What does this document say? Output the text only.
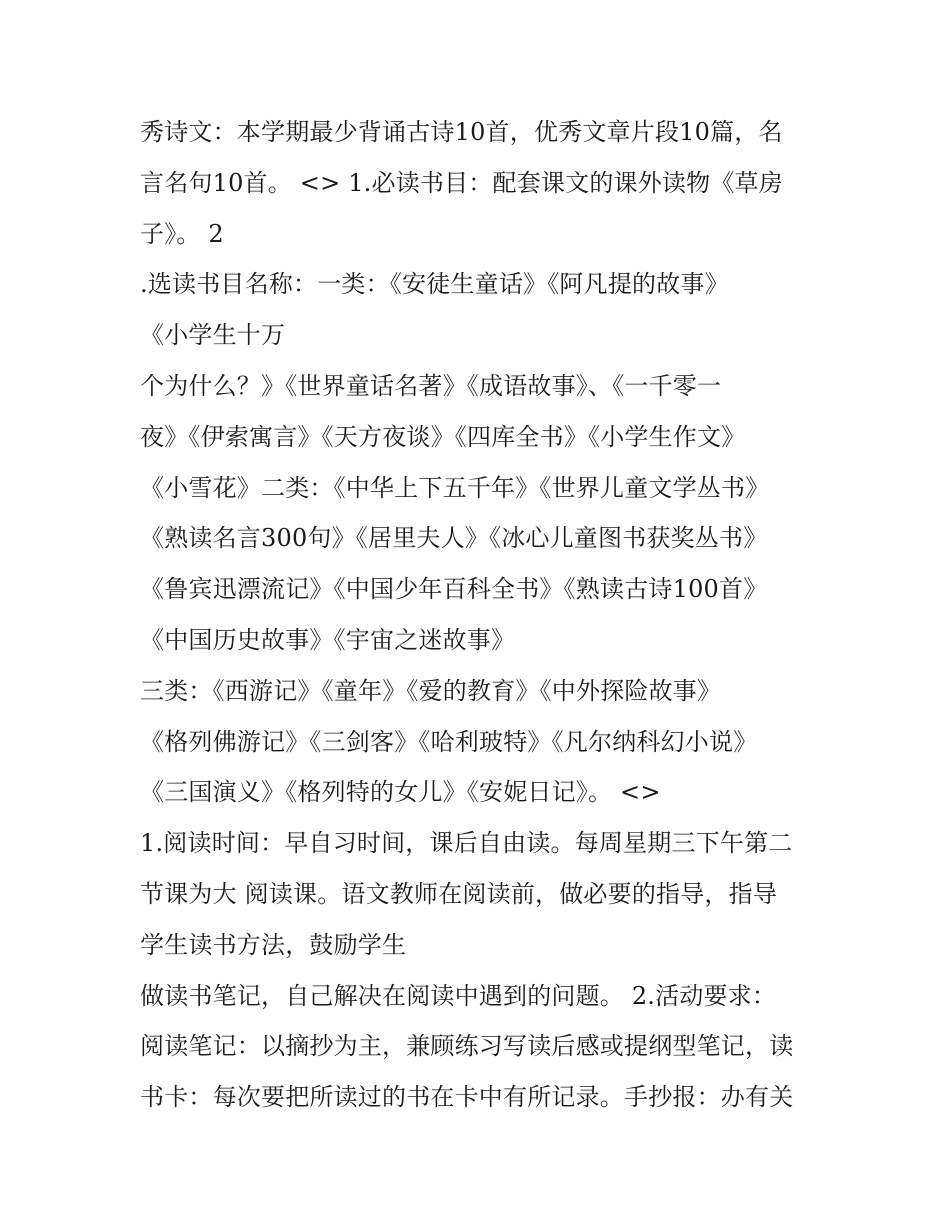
秀诗文：本学期最少背诵古诗10首，优秀文章片段10篇，名
言名句10首。 <> 1.必读书目：配套课文的课外读物《草房
子》。 2
.选读书目名称：一类：《安徒生童话》《阿凡提的故事》
《小学生十万
个为什么？》《世界童话名著》《成语故事》、《一千零一
夜》《伊索寓言》《天方夜谈》《四库全书》《小学生作文》
《小雪花》二类：《中华上下五千年》《世界儿童文学丛书》
《熟读名言300句》《居里夫人》《冰心儿童图书获奖丛书》
《鲁宾迅漂流记》《中国少年百科全书》《熟读古诗100首》
《中国历史故事》《宇宙之迷故事》
三类：《西游记》《童年》《爱的教育》《中外探险故事》
《格列佛游记》《三剑客》《哈利玻特》《凡尔纳科幻小说》
《三国演义》《格列特的女儿》《安妮日记》。 <>
1.阅读时间：早自习时间，课后自由读。每周星期三下午第二
节课为大 阅读课。语文教师在阅读前，做必要的指导，指导
学生读书方法，鼓励学生
做读书笔记，自己解决在阅读中遇到的问题。 2.活动要求：
阅读笔记：以摘抄为主，兼顾练习写读后感或提纲型笔记，读
书卡：每次要把所读过的书在卡中有所记录。手抄报：办有关
